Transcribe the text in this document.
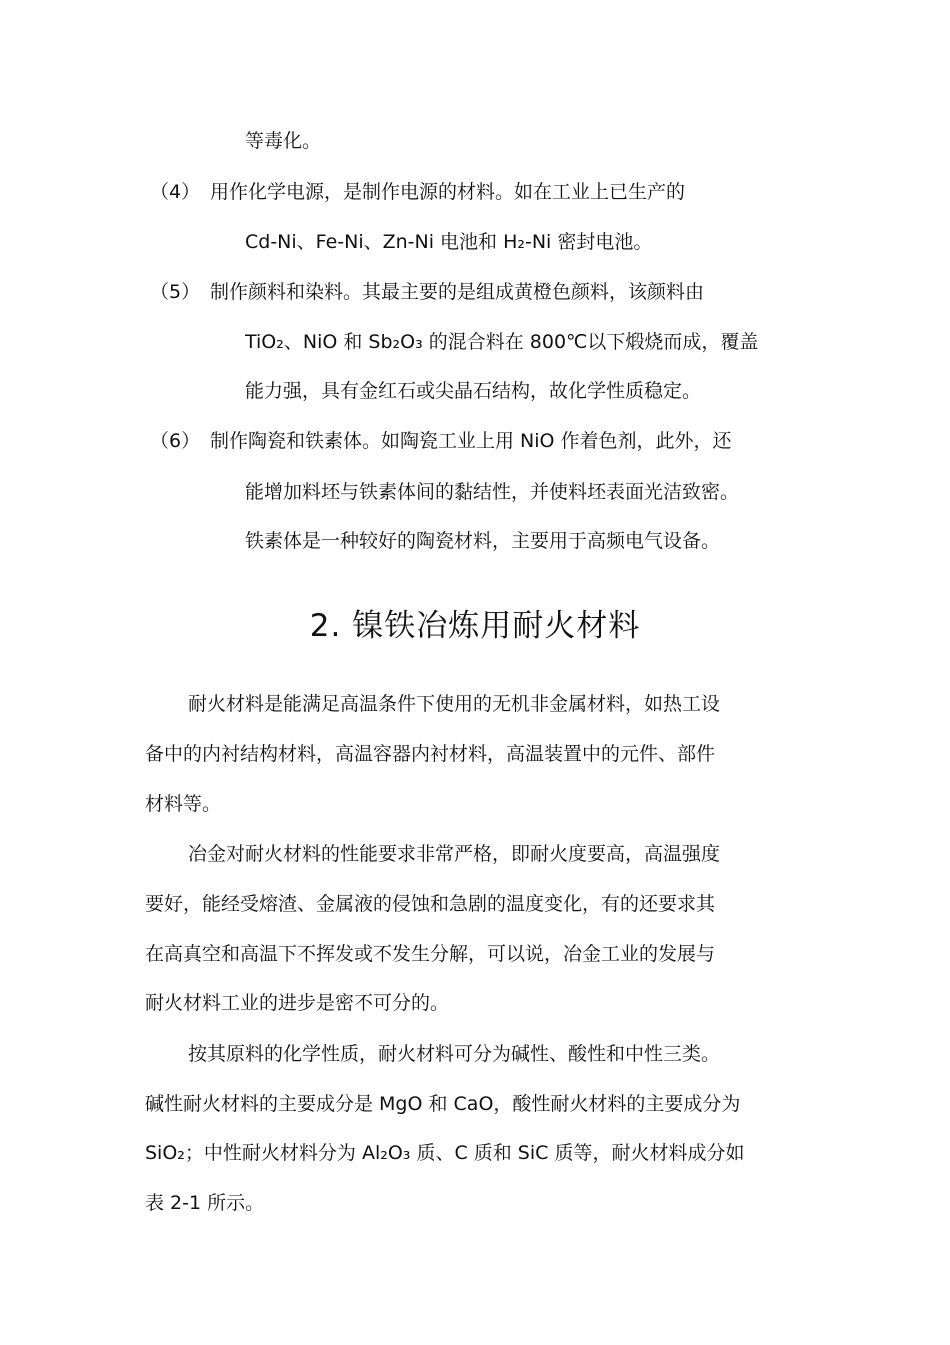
等毒化。
（4） 用作化学电源，是制作电源的材料。如在工业上已生产的
Cd-Ni、Fe-Ni、Zn-Ni 电池和 H₂-Ni 密封电池。
（5） 制作颜料和染料。其最主要的是组成黄橙色颜料，该颜料由
TiO₂、NiO 和 Sb₂O₃ 的混合料在 800℃以下煅烧而成，覆盖
能力强，具有金红石或尖晶石结构，故化学性质稳定。
（6） 制作陶瓷和铁素体。如陶瓷工业上用 NiO 作着色剂，此外，还
能增加料坯与铁素体间的黏结性，并使料坯表面光洁致密。
铁素体是一种较好的陶瓷材料，主要用于高频电气设备。
2. 镍铁冶炼用耐火材料
耐火材料是能满足高温条件下使用的无机非金属材料，如热工设
备中的内衬结构材料，高温容器内衬材料，高温装置中的元件、部件
材料等。
冶金对耐火材料的性能要求非常严格，即耐火度要高，高温强度
要好，能经受熔渣、金属液的侵蚀和急剧的温度变化，有的还要求其
在高真空和高温下不挥发或不发生分解，可以说，冶金工业的发展与
耐火材料工业的进步是密不可分的。
按其原料的化学性质，耐火材料可分为碱性、酸性和中性三类。
碱性耐火材料的主要成分是 MgO 和 CaO，酸性耐火材料的主要成分为
SiO₂；中性耐火材料分为 Al₂O₃ 质、C 质和 SiC 质等，耐火材料成分如
表 2-1 所示。
